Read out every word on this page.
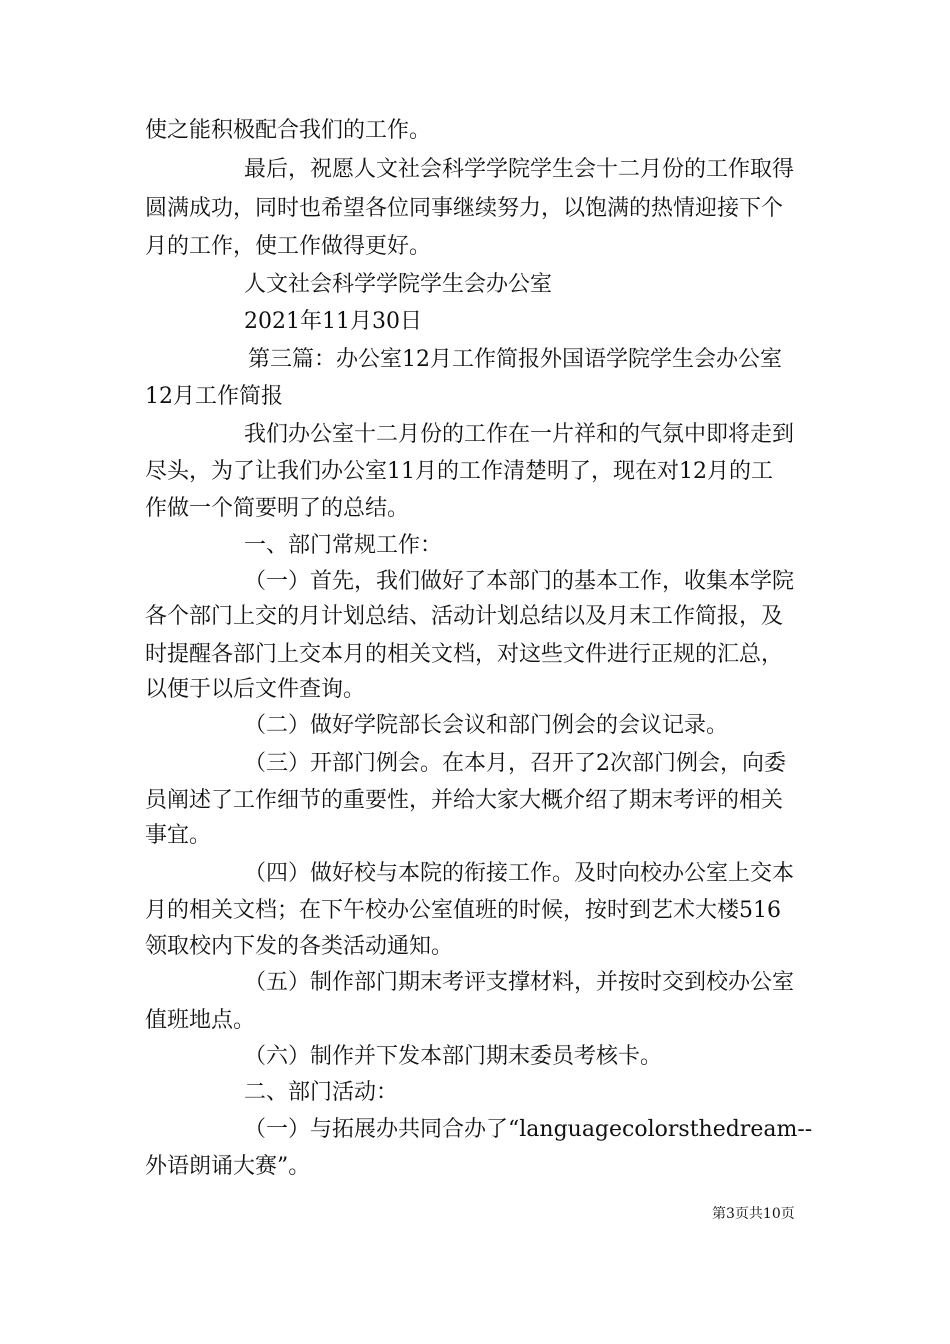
使之能积极配合我们的工作。
最后，祝愿人文社会科学学院学生会十二月份的工作取得
圆满成功，同时也希望各位同事继续努力，以饱满的热情迎接下个
月的工作，使工作做得更好。
人文社会科学学院学生会办公室
2021年11月30日
第三篇：办公室12月工作简报外国语学院学生会办公室
12月工作简报
我们办公室十二月份的工作在一片祥和的气氛中即将走到
尽头，为了让我们办公室11月的工作清楚明了，现在对12月的工
作做一个简要明了的总结。
一、部门常规工作：
（一）首先，我们做好了本部门的基本工作，收集本学院
各个部门上交的月计划总结、活动计划总结以及月末工作简报，及
时提醒各部门上交本月的相关文档，对这些文件进行正规的汇总，
以便于以后文件查询。
（二）做好学院部长会议和部门例会的会议记录。
（三）开部门例会。在本月，召开了2次部门例会，向委
员阐述了工作细节的重要性，并给大家大概介绍了期末考评的相关
事宜。
（四）做好校与本院的衔接工作。及时向校办公室上交本
月的相关文档；在下午校办公室值班的时候，按时到艺术大楼516
领取校内下发的各类活动通知。
（五）制作部门期末考评支撑材料，并按时交到校办公室
值班地点。
（六）制作并下发本部门期末委员考核卡。
二、部门活动：
（一）与拓展办共同合办了“languagecolorsthedream--
外语朗诵大赛”。
第3页共10页
